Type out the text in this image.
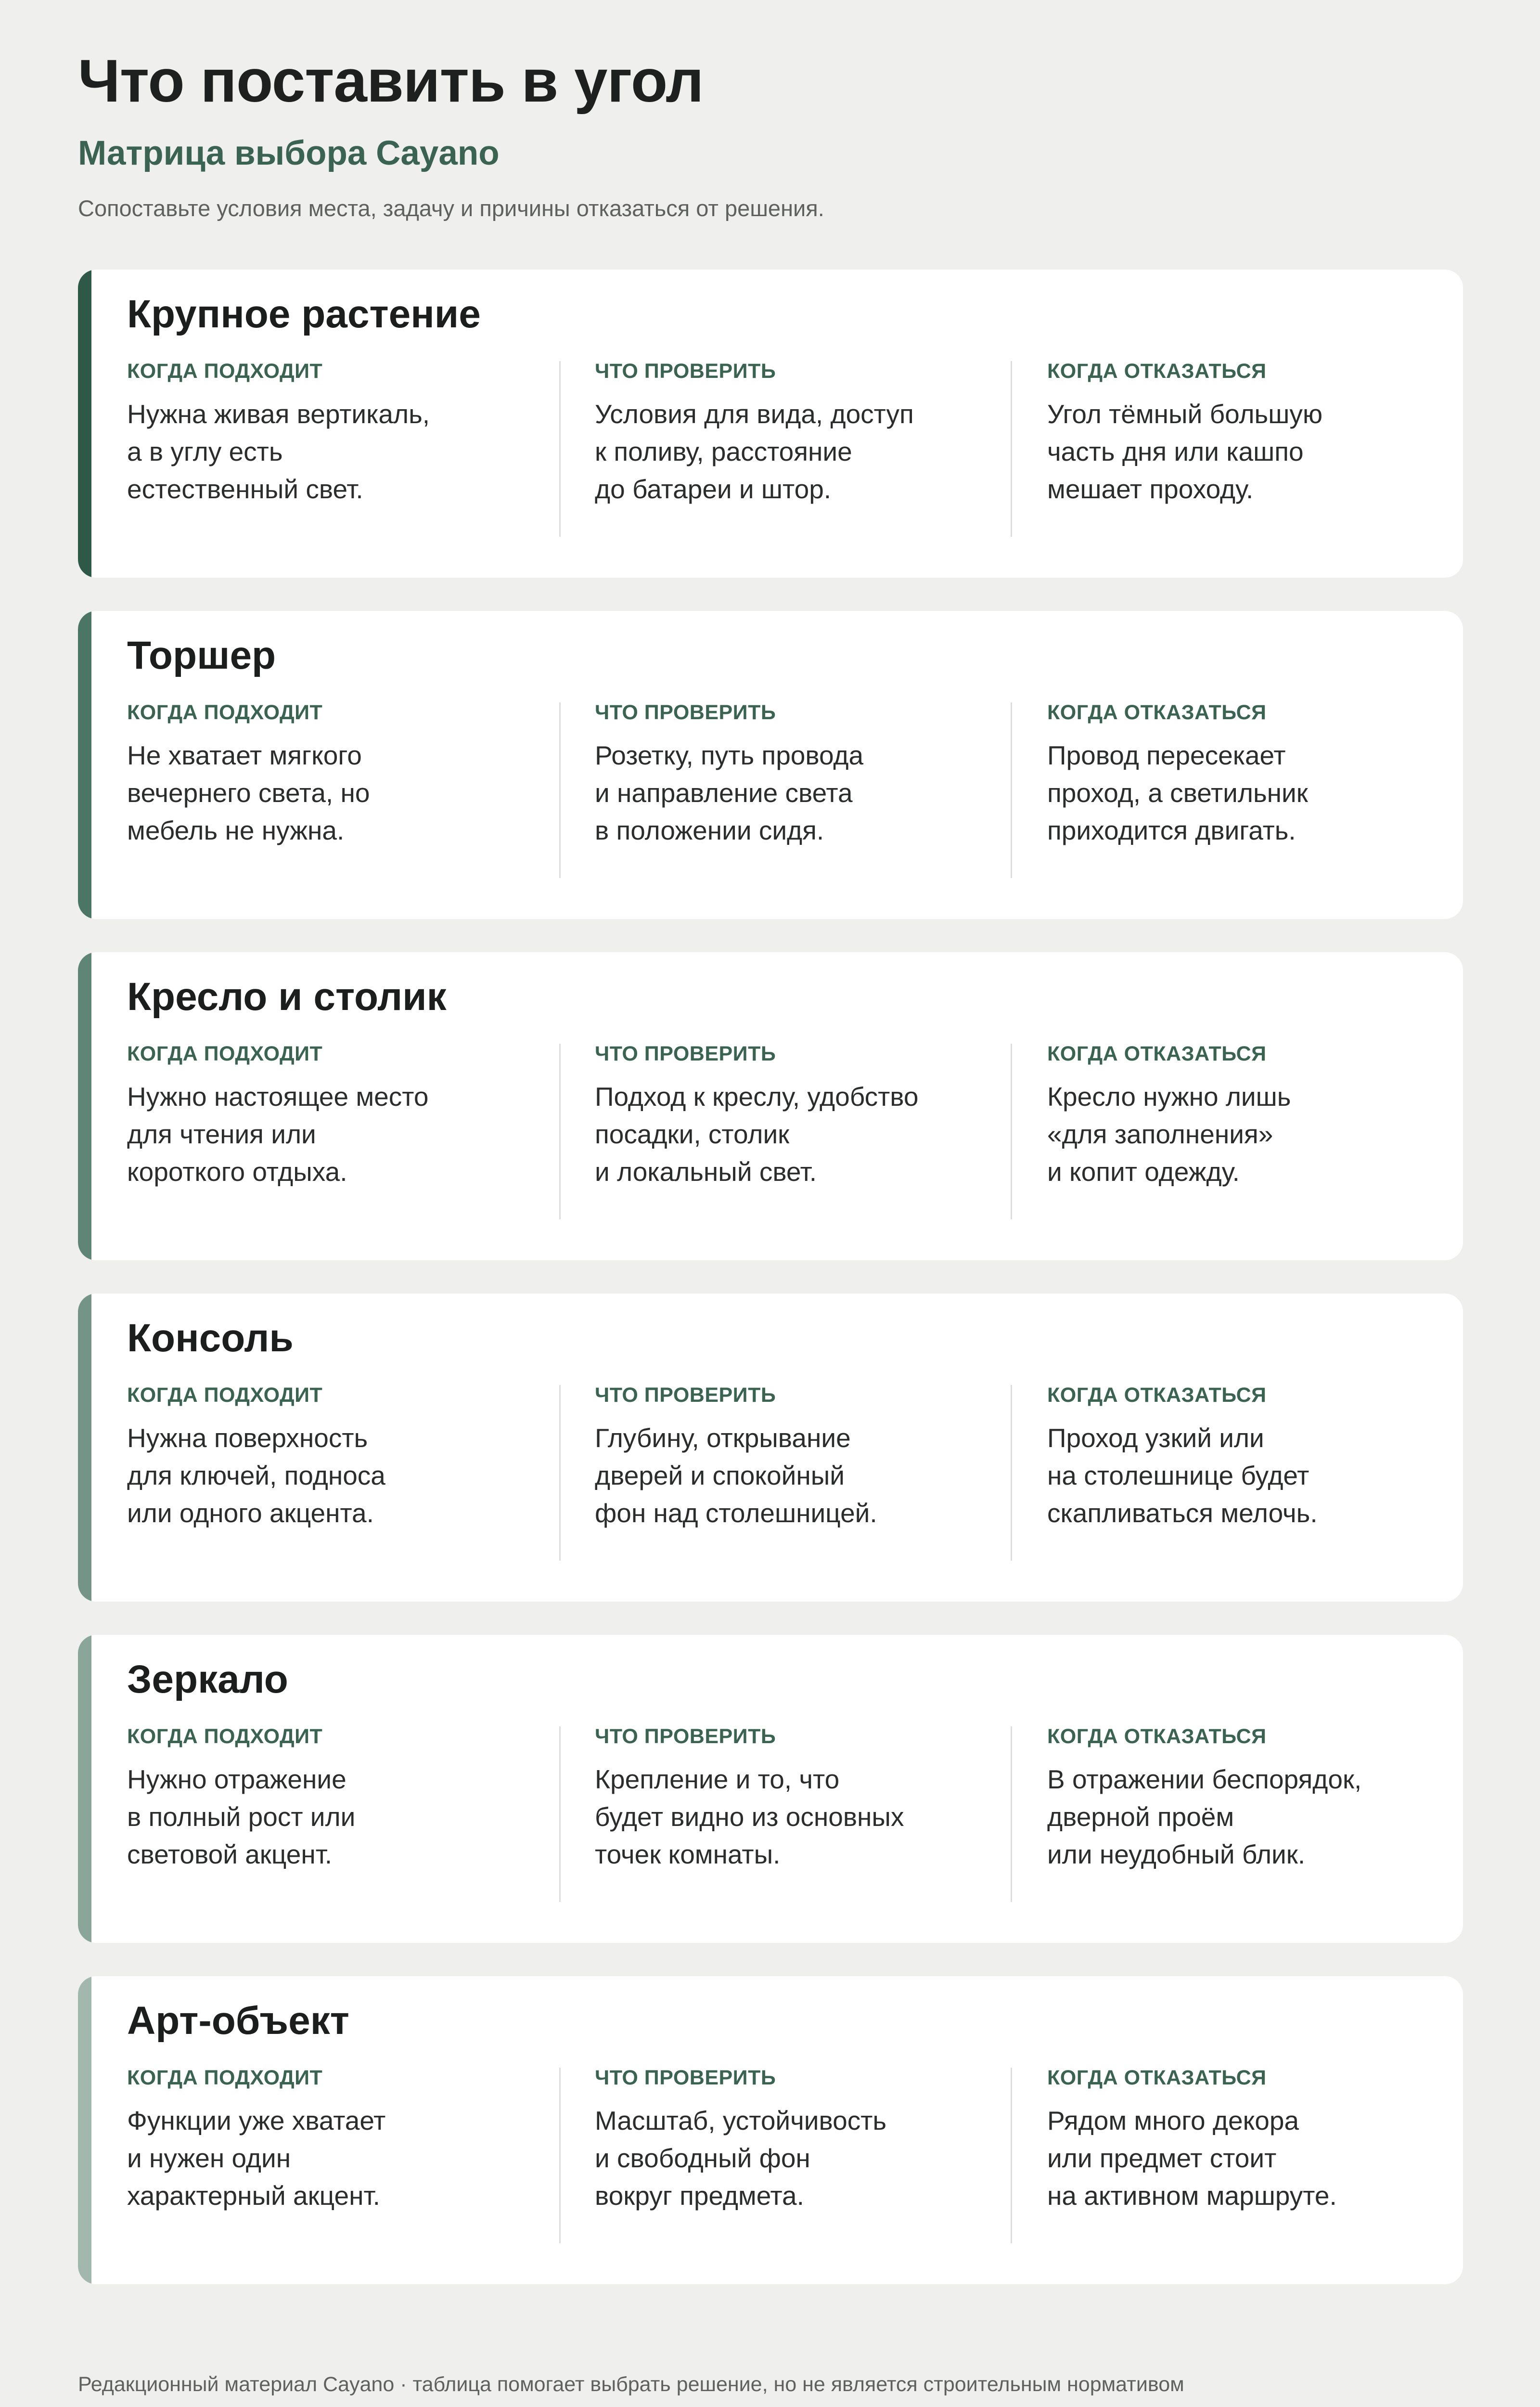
Что поставить в угол
Матрица выбора Cayano

Сопоставьте условия места, задачу и причины отказаться от решения.

Крупное растение
КОГДА ПОДХОДИТ

Нужна живая вертикаль,
а в углу есть
естественный свет.

ЧТО ПРОВЕРИТЬ

Условия для вида, доступ
к поливу, расстояние
до батареи и штор.

КОГДА ОТКАЗАТЬСЯ

Угол тёмный большую
часть дня или кашпо
мешает проходу.

Торшер
КОГДА ПОДХОДИТ

Не хватает мягкого
вечернего света, но
мебель не нужна.

ЧТО ПРОВЕРИТЬ

Розетку, путь провода
и направление света
в положении сидя.

КОГДА ОТКАЗАТЬСЯ

Провод пересекает
проход, а светильник
приходится двигать.

Кресло и столик
КОГДА ПОДХОДИТ

Нужно настоящее место
для чтения или
короткого отдыха.

ЧТО ПРОВЕРИТЬ

Подход к креслу, удобство
посадки, столик
и локальный свет.

КОГДА ОТКАЗАТЬСЯ

Кресло нужно лишь
«для заполнения»
и копит одежду.

Консоль
КОГДА ПОДХОДИТ

Нужна поверхность
для ключей, подноса
или одного акцента.

ЧТО ПРОВЕРИТЬ

Глубину, открывание
дверей и спокойный
фон над столешницей.

КОГДА ОТКАЗАТЬСЯ

Проход узкий или
на столешнице будет
скапливаться мелочь.

Зеркало
КОГДА ПОДХОДИТ

Нужно отражение
в полный рост или
световой акцент.

ЧТО ПРОВЕРИТЬ

Крепление и то, что
будет видно из основных
точек комнаты.

КОГДА ОТКАЗАТЬСЯ

В отражении беспорядок,
дверной проём
или неудобный блик.

Арт-объект
КОГДА ПОДХОДИТ

Функции уже хватает
и нужен один
характерный акцент.

ЧТО ПРОВЕРИТЬ

Масштаб, устойчивость
и свободный фон
вокруг предмета.

КОГДА ОТКАЗАТЬСЯ

Рядом много декора
или предмет стоит
на активном маршруте.

Редакционный материал Cayano · таблица помогает выбрать решение, но не является строительным нормативом
